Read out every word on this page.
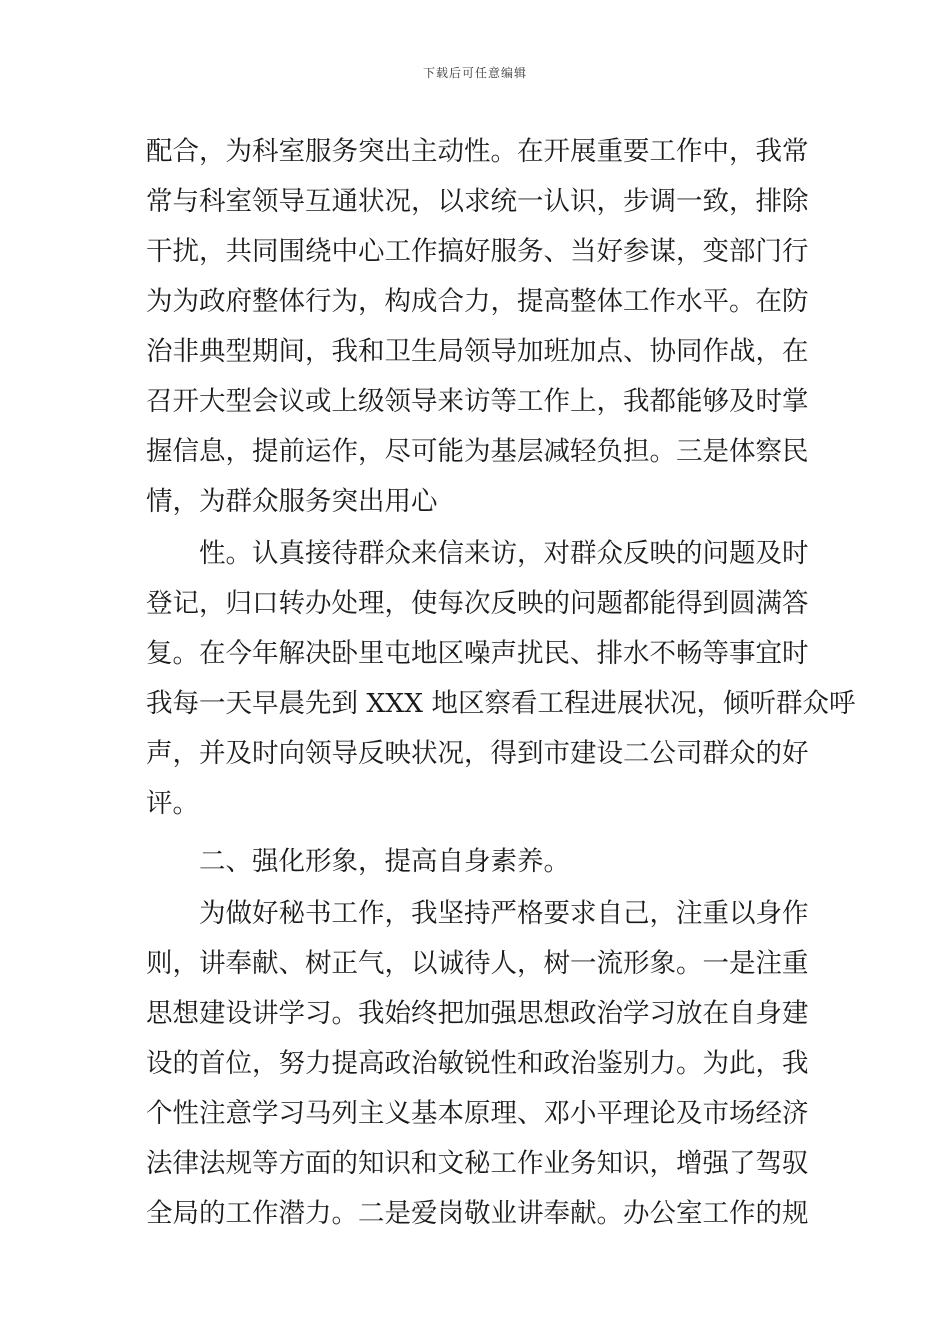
下载后可任意编辑
配合，为科室服务突出主动性。在开展重要工作中，我常
常与科室领导互通状况，以求统一认识，步调一致，排除
干扰，共同围绕中心工作搞好服务、当好参谋，变部门行
为为政府整体行为，构成合力，提高整体工作水平。在防
治非典型期间，我和卫生局领导加班加点、协同作战，在
召开大型会议或上级领导来访等工作上，我都能够及时掌
握信息，提前运作，尽可能为基层减轻负担。三是体察民
情，为群众服务突出用心
性。认真接待群众来信来访，对群众反映的问题及时
登记，归口转办处理，使每次反映的问题都能得到圆满答
复。在今年解决卧里屯地区噪声扰民、排水不畅等事宜时
我每一天早晨先到 XXX 地区察看工程进展状况，倾听群众呼
声，并及时向领导反映状况，得到市建设二公司群众的好
评。
二、强化形象，提高自身素养。
为做好秘书工作，我坚持严格要求自己，注重以身作
则，讲奉献、树正气，以诚待人，树一流形象。一是注重
思想建设讲学习。我始终把加强思想政治学习放在自身建
设的首位，努力提高政治敏锐性和政治鉴别力。为此，我
个性注意学习马列主义基本原理、邓小平理论及市场经济
法律法规等方面的知识和文秘工作业务知识，增强了驾驭
全局的工作潜力。二是爱岗敬业讲奉献。办公室工作的规
